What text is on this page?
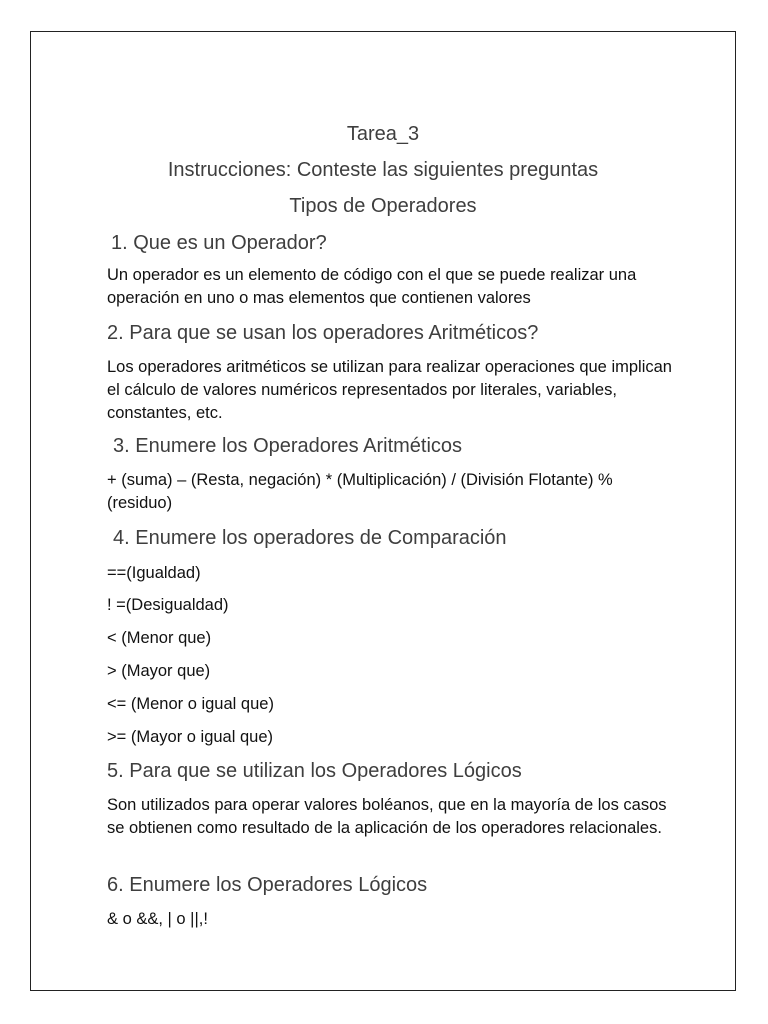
Tarea_3
Instrucciones: Conteste las siguientes preguntas
Tipos de Operadores
1. Que es un Operador?
Un operador es un elemento de código con el que se puede realizar una operación en uno o mas elementos que contienen valores
2. Para que se usan los operadores Aritméticos?
Los operadores aritméticos se utilizan para realizar operaciones que implican el cálculo de valores numéricos representados por literales, variables, constantes, etc.
3. Enumere los Operadores Aritméticos
+ (suma) – (Resta, negación) * (Multiplicación) / (División Flotante) % (residuo)
4. Enumere los operadores de Comparación
==(Igualdad)
! =(Desigualdad)
< (Menor que)
> (Mayor que)
<= (Menor o igual que)
>= (Mayor o igual que)
5. Para que se utilizan los Operadores Lógicos
Son utilizados para operar valores boléanos, que en la mayoría de los casos se obtienen como resultado de la aplicación de los operadores relacionales.
6. Enumere los Operadores Lógicos
& o &&, | o ||,!
